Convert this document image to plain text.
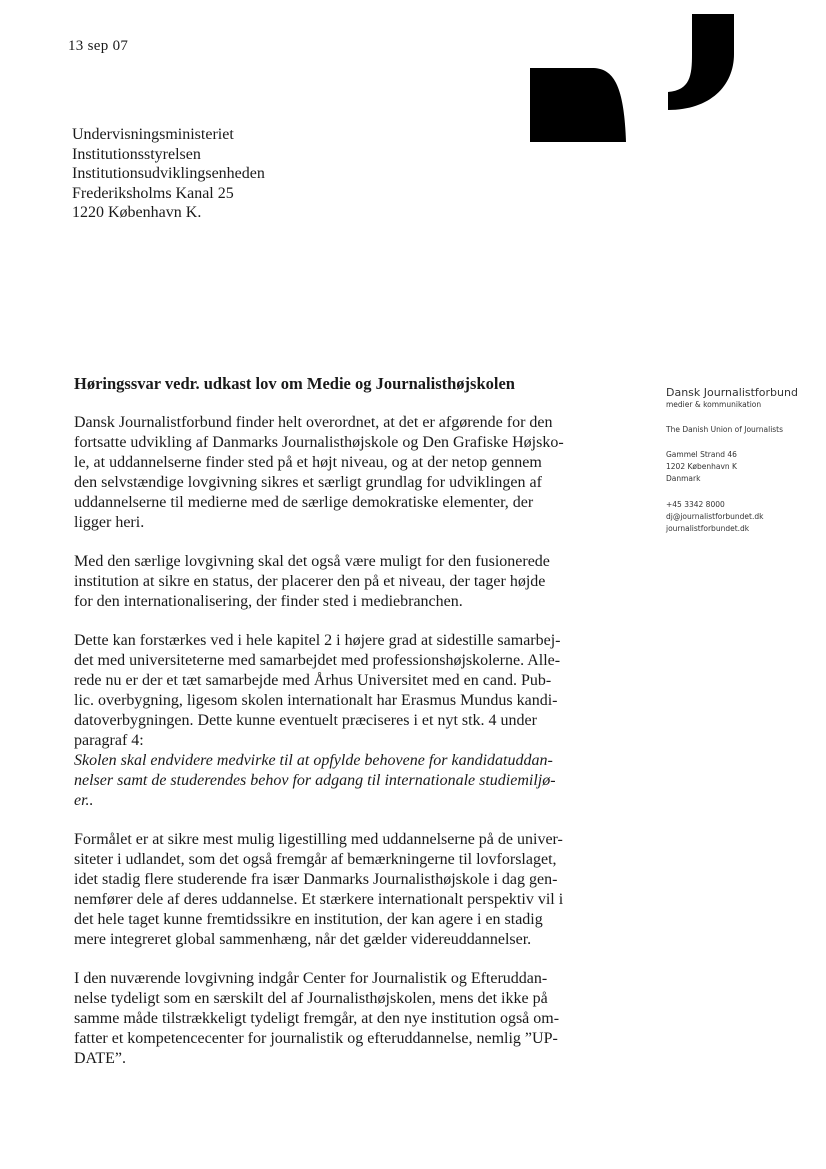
13 sep 07
Undervisningsministeriet
Institutionsstyrelsen
Institutionsudviklingsenheden
Frederiksholms Kanal 25
1220 København K.
Dansk Journalistforbund
medier & kommunikation
The Danish Union of Journalists
Gammel Strand 46
1202 København K
Danmark
+45 3342 8000
dj@journalistforbundet.dk
journalistforbundet.dk
Høringssvar vedr. udkast lov om Medie og Journalisthøjskolen
Dansk Journalistforbund finder helt overordnet, at det er afgørende for den
fortsatte udvikling af Danmarks Journalisthøjskole og Den Grafiske Højsko-
le, at uddannelserne finder sted på et højt niveau, og at der netop gennem
den selvstændige lovgivning sikres et særligt grundlag for udviklingen af
uddannelserne til medierne med de særlige demokratiske elementer, der
ligger heri.
Med den særlige lovgivning skal det også være muligt for den fusionerede
institution at sikre en status, der placerer den på et niveau, der tager højde
for den internationalisering, der finder sted i mediebranchen.
Dette kan forstærkes ved i hele kapitel 2 i højere grad at sidestille samarbej-
det med universiteterne med samarbejdet med professionshøjskolerne. Alle-
rede nu er der et tæt samarbejde med Århus Universitet med en cand. Pub-
lic. overbygning, ligesom skolen internationalt har Erasmus Mundus kandi-
datoverbygningen. Dette kunne eventuelt præciseres i et nyt stk. 4 under
paragraf 4:
Skolen skal endvidere medvirke til at opfylde behovene for kandidatuddan-
nelser samt de studerendes behov for adgang til internationale studiemiljø-
er..
Formålet er at sikre mest mulig ligestilling med uddannelserne på de univer-
siteter i udlandet, som det også fremgår af bemærkningerne til lovforslaget,
idet stadig flere studerende fra især Danmarks Journalisthøjskole i dag gen-
nemfører dele af deres uddannelse. Et stærkere internationalt perspektiv vil i
det hele taget kunne fremtidssikre en institution, der kan agere i en stadig
mere integreret global sammenhæng, når det gælder videreuddannelser.
I den nuværende lovgivning indgår Center for Journalistik og Efteruddan-
nelse tydeligt som en særskilt del af Journalisthøjskolen, mens det ikke på
samme måde tilstrækkeligt tydeligt fremgår, at den nye institution også om-
fatter et kompetencecenter for journalistik og efteruddannelse, nemlig ”UP-
DATE”.
